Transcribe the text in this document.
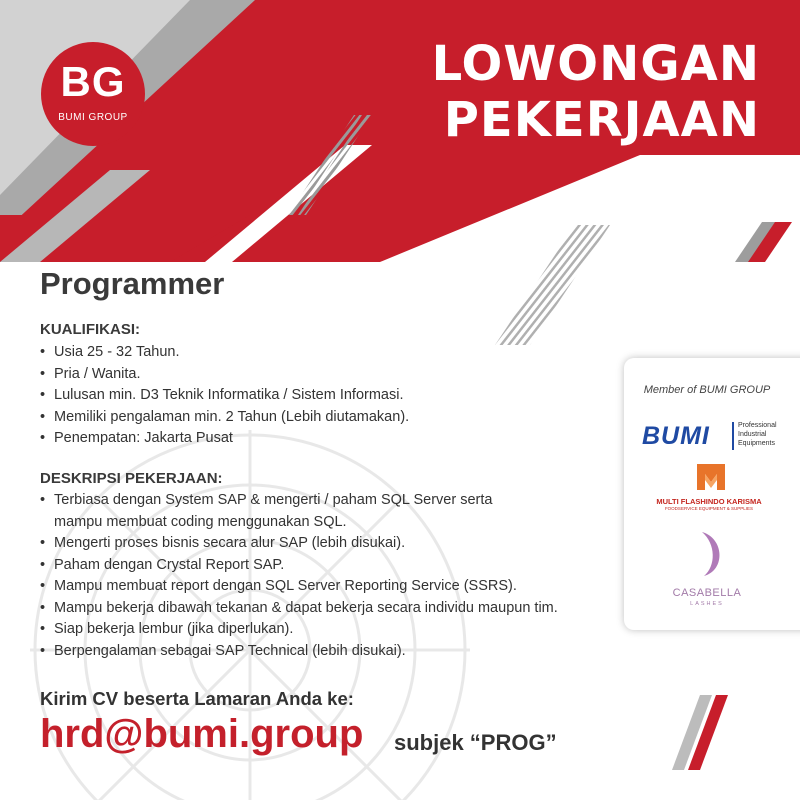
BG
BUMI GROUP
LOWONGAN
PEKERJAAN
Programmer
KUALIFIKASI:
• Usia 25 - 32 Tahun.
• Pria / Wanita.
• Lulusan min. D3 Teknik Informatika / Sistem Informasi.
• Memiliki pengalaman min. 2 Tahun (Lebih diutamakan).
• Penempatan: Jakarta Pusat
DESKRIPSI PEKERJAAN:
• Terbiasa dengan System SAP & mengerti / paham SQL Server serta
mampu membuat coding menggunakan SQL.
• Mengerti proses bisnis secara alur SAP (lebih disukai).
• Paham dengan Crystal Report SAP.
• Mampu membuat report dengan SQL Server Reporting Service (SSRS).
• Mampu bekerja dibawah tekanan & dapat bekerja secara individu maupun tim.
• Siap bekerja lembur (jika diperlukan).
• Berpengalaman sebagai SAP Technical (lebih disukai).
Member of BUMI GROUP
BUMI	Professional
Industrial
Equipments
MULTI FLASHINDO KARISMA
FOODSERVICE EQUIPMENT & SUPPLIES
CASABELLA
LASHES
Kirim CV beserta Lamaran Anda ke:
hrd@bumi.group subjek “PROG”
